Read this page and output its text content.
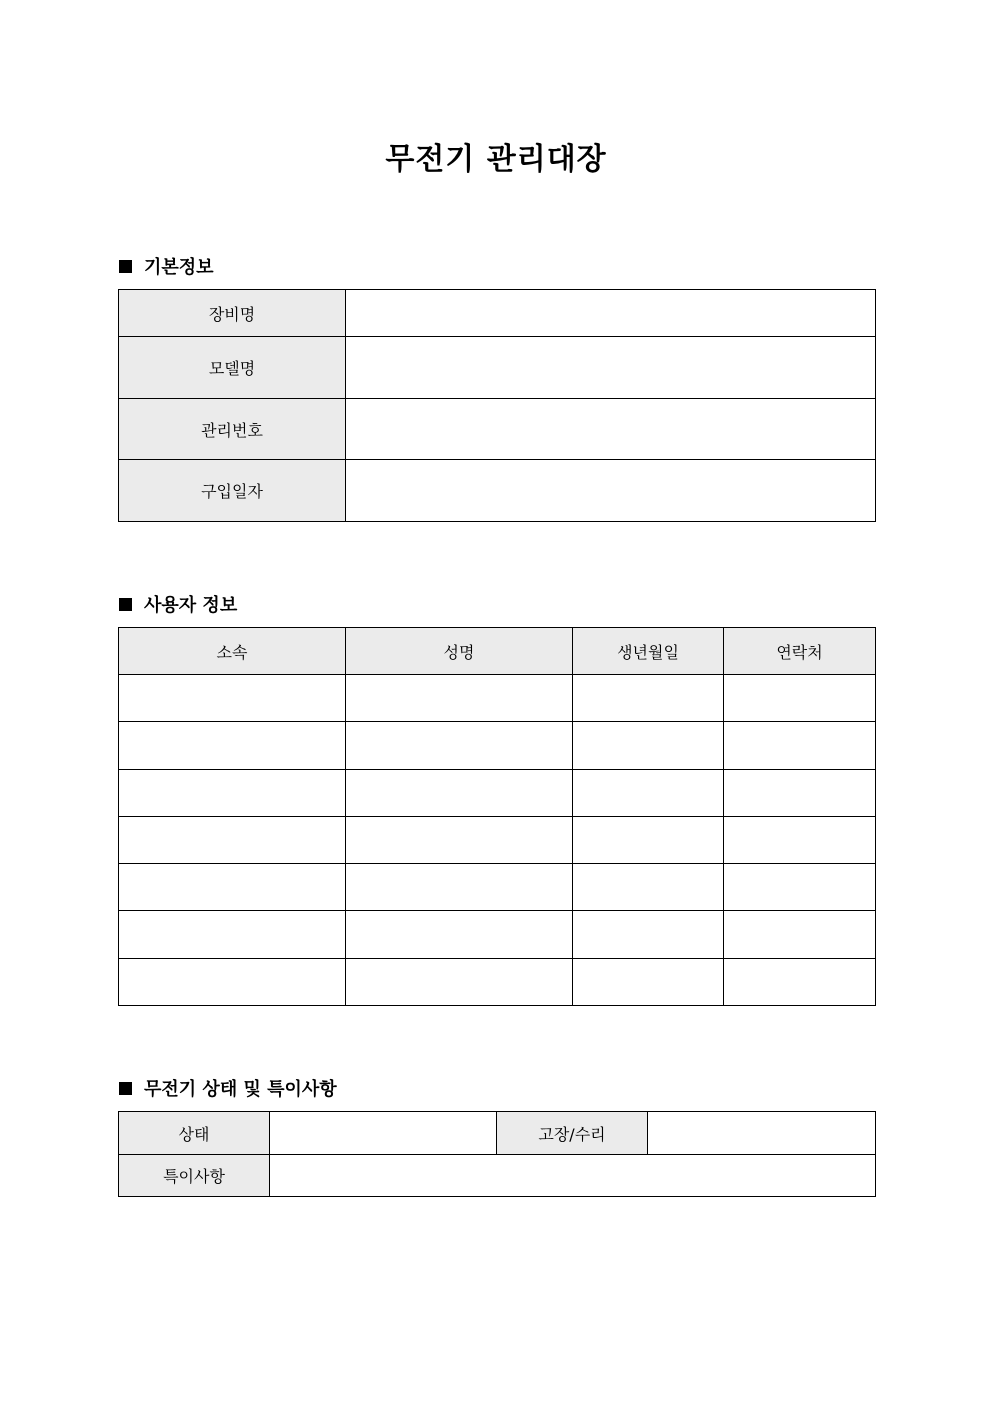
무전기 관리대장
기본정보
장비명	
모델명	
관리번호	
구입일자	
사용자 정보
소속	성명	생년월일	연락처

무전기 상태 및 특이사항
상태		고장/수리	
특이사항			
